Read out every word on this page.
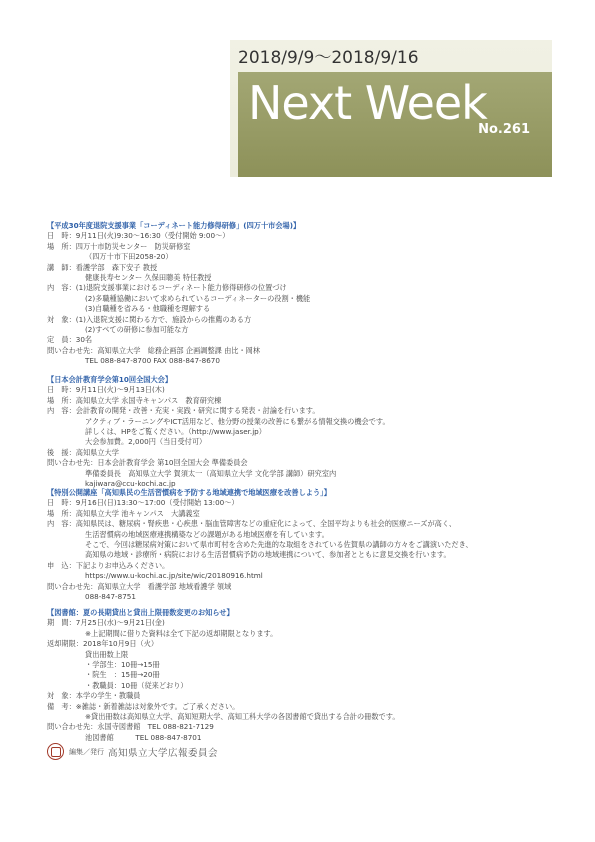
2018/9/9～2018/9/16
Next Week
No.261
【平成30年度退院支援事業「コーディネート能力修得研修」(四万十市会場)】
日　時 ： 9月11日(火)9:30～16:30（受付開始 9:00～）
場　所 ： 四万十市防災センター　防災研修室
（四万十市下田2058-20）
講　師 ： 看護学部　森下安子 教授
健康長寿センター 久保田聰美 特任教授
内　容 ： (1)退院支援事業におけるコーディネート能力修得研修の位置づけ
(2)多職種協働において求められているコーディネーターの役割・機能
(3)自職種を省みる・他職種を理解する
対　象 ： (1)入退院支援に関わる方で、施設からの推薦のある方
(2)すべての研修に参加可能な方
定　員 ： 30名
問い合わせ先 ： 高知県立大学　総務企画部 企画調整課 由比・岡林
TEL 088-847-8700 FAX 088-847-8670
【日本会計教育学会第10回全国大会】
日　時 ： 9月11日(火)～9月13日(木)
場　所 ： 高知県立大学 永国寺キャンパス　教育研究棟
内　容 ： 会計教育の開発・改善・充実・実践・研究に関する発表・討論を行います。
アクティブ・ラーニングやICT活用など、他分野の授業の改善にも繋がる情報交換の機会です。
詳しくは、HPをご覧ください。（http://www.jaser.jp）
大会参加費。2,000円（当日受付可）
後　援 ： 高知県立大学
問い合わせ先 ： 日本会計教育学会 第10回全国大会 準備委員会
準備委員長　高知県立大学 賀須太一（高知県立大学 文化学部 講師）研究室内
kajiwara@ccu-kochi.ac.jp
【特別公開講座「高知県民の生活習慣病を予防する地域連携で地域医療を改善しよう」】
日　時 ： 9月16日(日)13:30～17:00（受付開始 13:00～）
場　所 ： 高知県立大学 池キャンパス　大講義室
内　容 ： 高知県民は、糖尿病・腎疾患・心疾患・脳血管障害などの重症化によって、全国平均よりも社会的医療ニーズが高く、
生活習慣病の地域医療連携構築などの課題がある地域医療を有しています。
そこで、今回は糖尿病対策において県市町村を含めた先進的な取組をされている佐賀県の講師の方々をご講演いただき、
高知県の地域・診療所・病院における生活習慣病予防の地域連携について、参加者とともに意見交換を行います。
申　込 ： 下記よりお申込みください。
https://www.u-kochi.ac.jp/site/wic/20180916.html
問い合わせ先 ： 高知県立大学　看護学部 地域看護学 領域
088-847-8751
【図書館：夏の長期貸出と貸出上限冊数変更のお知らせ】
期　間 ： 7月25日(水)～9月21日(金)
※上記期間に借りた資料は全て下記の返却期限となります。
返却期限 ： 2018年10月9日（火）
貸出冊数上限
・学部生：10冊→15冊
・院生　：15冊→20冊
・教職員：10冊（従来どおり）
対　象 ： 本学の学生・教職員
備　考 ： ※雑誌・新着雑誌は対象外です。ご了承ください。
※貸出冊数は高知県立大学、高知短期大学、高知工科大学の各図書館で貸出する合計の冊数です。
問い合わせ先 ： 永国寺図書館　TEL 088-821-7129
池図書館　　　TEL 088-847-8701
編集／発行 高知県立大学広報委員会
